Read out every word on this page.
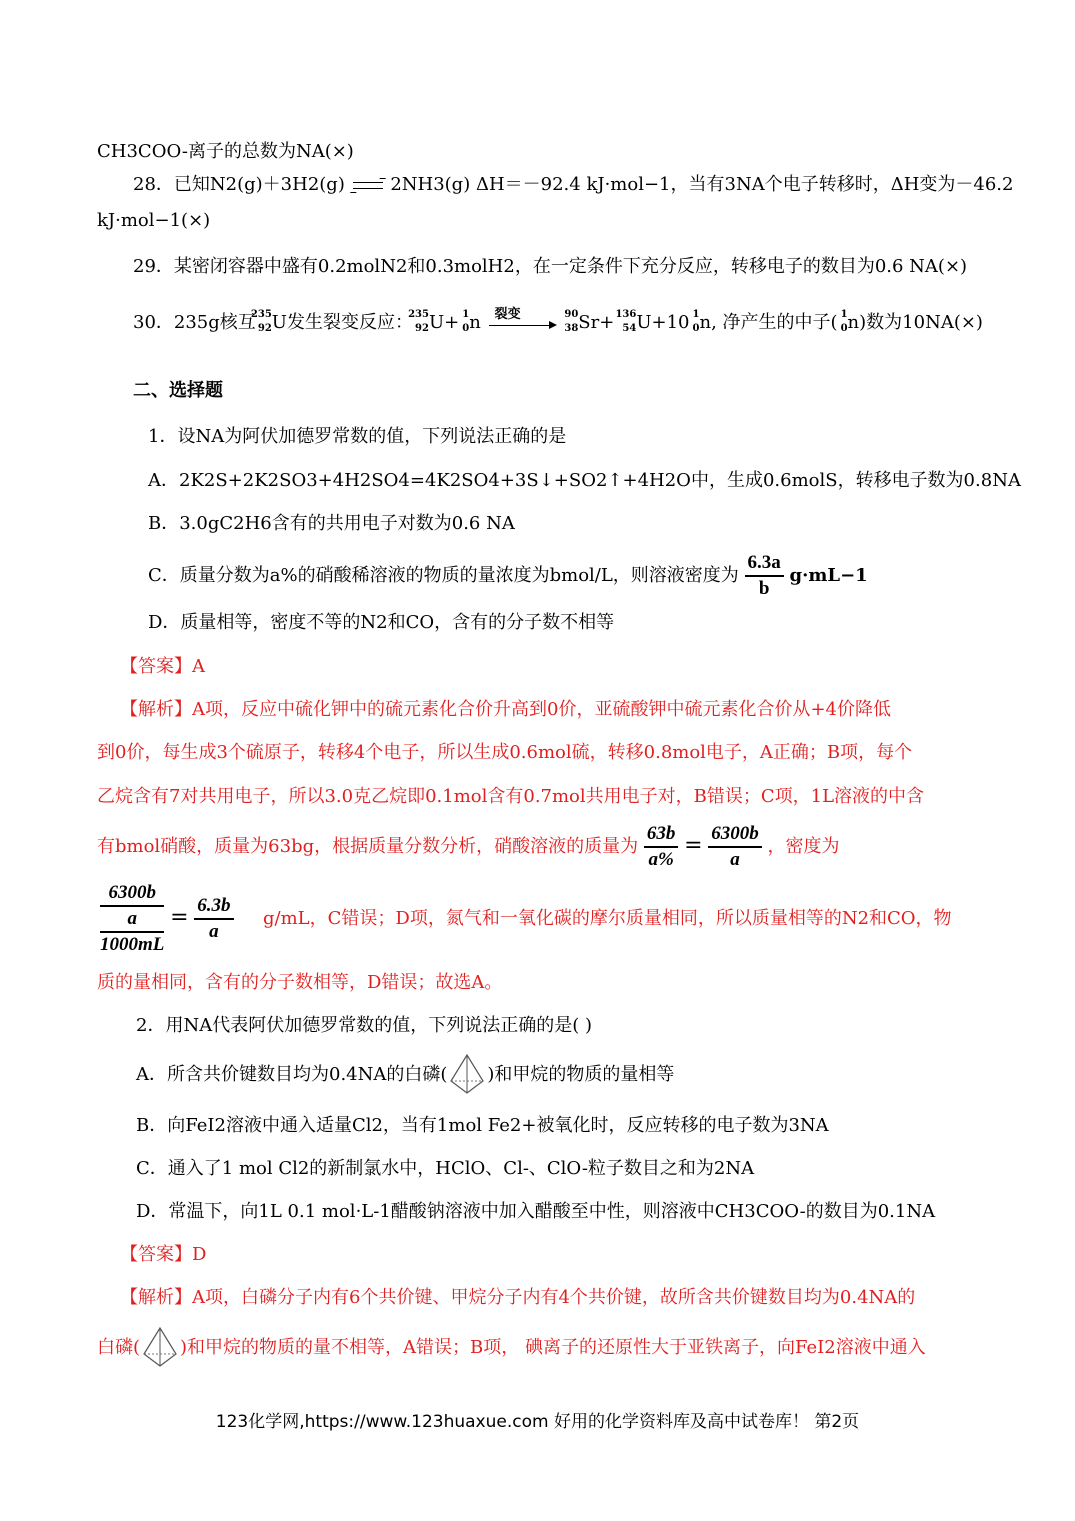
CH3COO-离子的总数为NA(×)
28．已知N2(g)＋3H2(g)	2NH3(g) ΔH＝－92.4 kJ·mol−1，当有3NA个电子转移时，ΔH变为－46.2
kJ·mol−1(×)
29．某密闭容器中盛有0.2molN2和0.3molH2，在一定条件下充分反应，转移电子的数目为0.6 NA(×)
30．235g核互
235
92 U发生裂变反应：
235
92 U+ 1
0 n 裂变
	90
38 Sr+ 136
54 U+10 1
0 n, 净产生的中子( 1
0 n)数为10NA(×)
二、选择题
1．设NA为阿伏加德罗常数的值，下列说法正确的是
A．2K2S+2K2SO3+4H2SO4=4K2SO4+3S↓+SO2↑+4H2O中，生成0.6molS，转移电子数为0.8NA
B．3.0gC2H6含有的共用电子对数为0.6 NA
C．质量分数为a%的硝酸稀溶液的物质的量浓度为bmol/L，则溶液密度为 $\frac{6.3a}{b} g\cdot mL-1$
D．质量相等，密度不等的N2和CO，含有的分子数不相等
【答案】A
【解析】A项，反应中硫化钾中的硫元素化合价升高到0价，亚硫酸钾中硫元素化合价从+4价降低
到0价，每生成3个硫原子，转移4个电子，所以生成0.6mol硫，转移0.8mol电子，A正确；B项，每个
乙烷含有7对共用电子，所以3.0克乙烷即0.1mol含有0.7mol共用电子对，B错误；C项，1L溶液的中含
有bmol硝酸，质量为63bg，根据质量分数分析，硝酸溶液的质量为 $\frac{63b}{a\%} = \frac{6300b}{a}$ ，密度为
6300b
a
1000mL
= $\frac{6.3b}{a} g/mL$，C错误；D项，氮气和一氧化碳的摩尔质量相同，所以质量相等的N2和CO，物
质的量相同，含有的分子数相等，D错误；故选A。
2．用NA代表阿伏加德罗常数的值，下列说法正确的是( )
A．所含共价键数目均为0.4NA的白磷( )和甲烷的物质的量相等
B．向FeI2溶液中通入适量Cl2，当有1mol Fe2+被氧化时，反应转移的电子数为3NA
C．通入了1 mol Cl2的新制氯水中，HClO、Cl-、ClO-粒子数目之和为2NA
D．常温下，向1L 0.1 mol·L-1醋酸钠溶液中加入醋酸至中性，则溶液中CH3COO-的数目为0.1NA
【答案】D
【解析】A项，白磷分子内有6个共价键、甲烷分子内有4个共价键，故所含共价键数目均为0.4NA的
白磷( )和甲烷的物质的量不相等，A错误；B项， 碘离子的还原性大于亚铁离子，向FeI2溶液中通入
123化学网,https://www.123huaxue.com 好用的化学资料库及高中试卷库！ 第2页
